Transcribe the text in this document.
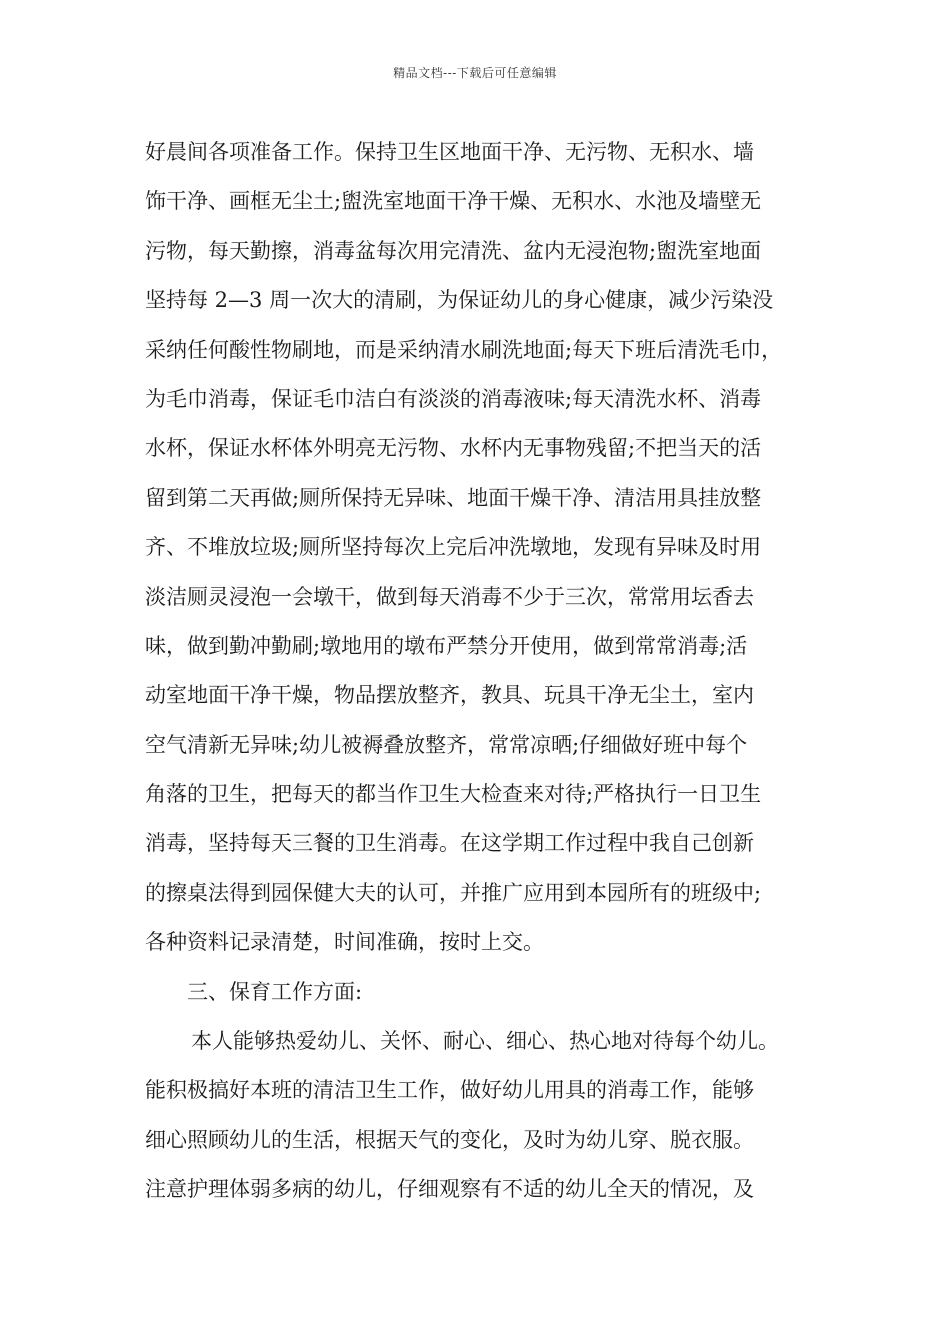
精品文档---下载后可任意编辑
好晨间各项准备工作。保持卫生区地面干净、无污物、无积水、墙
饰干净、画框无尘土;盥洗室地面干净干燥、无积水、水池及墙壁无
污物，每天勤擦，消毒盆每次用完清洗、盆内无浸泡物;盥洗室地面
坚持每 2—3 周一次大的清刷，为保证幼儿的身心健康，减少污染没
采纳任何酸性物刷地，而是采纳清水刷洗地面;每天下班后清洗毛巾，
为毛巾消毒，保证毛巾洁白有淡淡的消毒液味;每天清洗水杯、消毒
水杯，保证水杯体外明亮无污物、水杯内无事物残留;不把当天的活
留到第二天再做;厕所保持无异味、地面干燥干净、清洁用具挂放整
齐、不堆放垃圾;厕所坚持每次上完后冲洗墩地，发现有异味及时用
淡洁厕灵浸泡一会墩干，做到每天消毒不少于三次，常常用坛香去
味，做到勤冲勤刷;墩地用的墩布严禁分开使用，做到常常消毒;活
动室地面干净干燥，物品摆放整齐，教具、玩具干净无尘土，室内
空气清新无异味;幼儿被褥叠放整齐，常常凉晒;仔细做好班中每个
角落的卫生，把每天的都当作卫生大检查来对待;严格执行一日卫生
消毒，坚持每天三餐的卫生消毒。在这学期工作过程中我自己创新
的擦桌法得到园保健大夫的认可，并推广应用到本园所有的班级中;
各种资料记录清楚，时间准确，按时上交。
三、保育工作方面:
本人能够热爱幼儿、关怀、耐心、细心、热心地对待每个幼儿。
能积极搞好本班的清洁卫生工作，做好幼儿用具的消毒工作，能够
细心照顾幼儿的生活，根据天气的变化，及时为幼儿穿、脱衣服。
注意护理体弱多病的幼儿，仔细观察有不适的幼儿全天的情况，及
